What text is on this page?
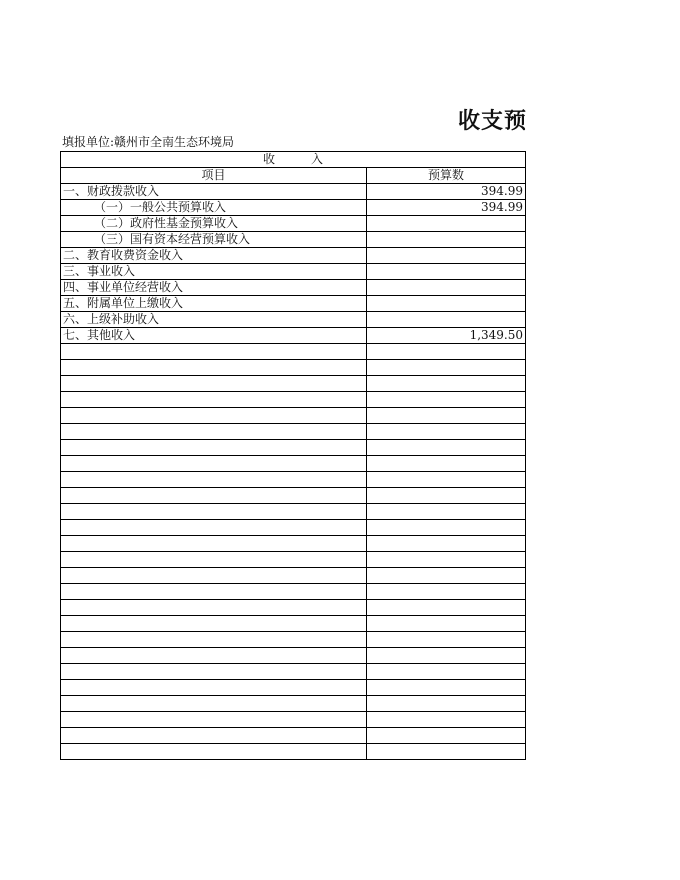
收支预
填报单位:赣州市全南生态环境局
收　　　入	
项目	预算数
一、财政拨款收入	394.99
（一）一般公共预算收入	394.99
（二）政府性基金预算收入	
（三）国有资本经营预算收入	
二、教育收费资金收入	
三、事业收入	
四、事业单位经营收入	
五、附属单位上缴收入	
六、上级补助收入	
七、其他收入	1,349.50
